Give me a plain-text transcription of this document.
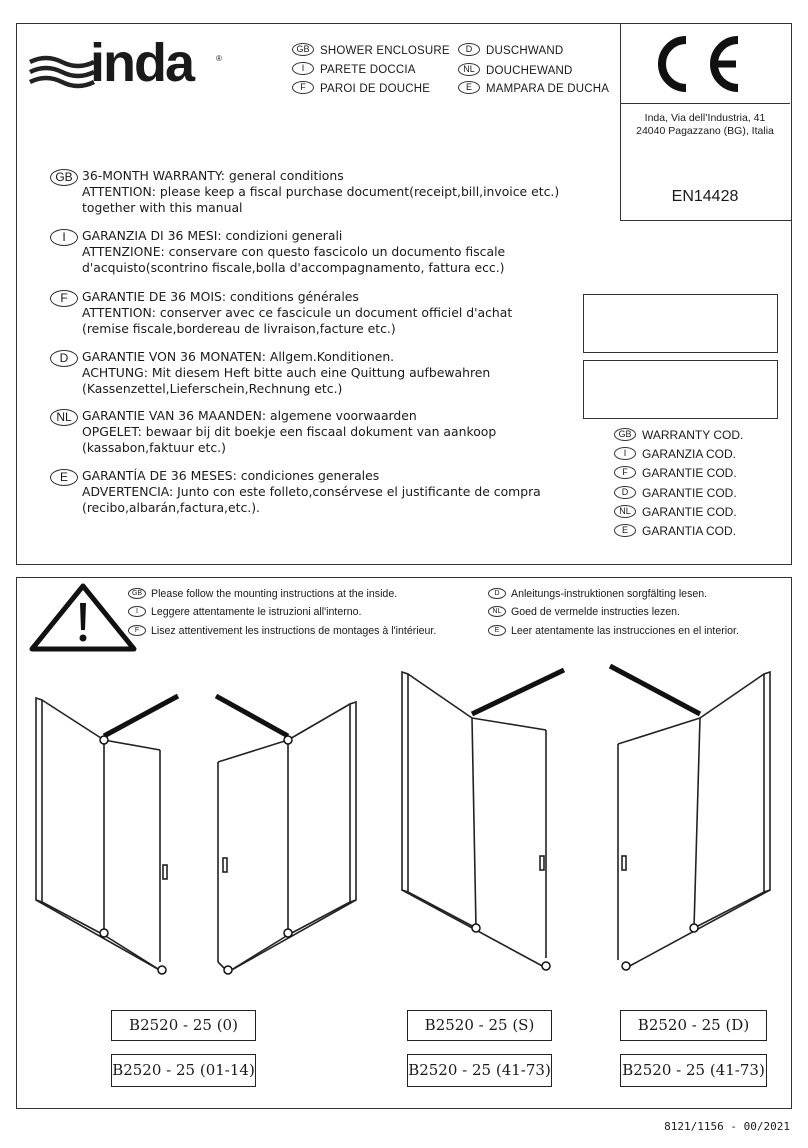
inda	®
GB SHOWER ENCLOSURE
I PARETE DOCCIA
F PAROI DE DOUCHE
D DUSCHWAND
NL DOUCHEWAND
E MAMPARA DE DUCHA
Inda, Via dell’Industria, 41
24040 Pagazzano (BG), Italia
EN14428
GB 36-MONTH WARRANTY: general conditions
ATTENTION: please keep a fiscal purchase document(receipt,bill,invoice etc.) together with this manual
I	GARANZIA DI 36 MESI: condizioni generali
ATTENZIONE: conservare con questo fascicolo un documento fiscale d'acquisto(scontrino fiscale,bolla d'accompagnamento, fattura ecc.)
F	GARANTIE DE 36 MOIS: conditions générales
ATTENTION: conserver avec ce fascicule un document officiel d'achat (remise fiscale,bordereau de livraison,facture etc.)
D	GARANTIE VON 36 MONATEN: Allgem.Konditionen.
ACHTUNG: Mit diesem Heft bitte auch eine Quittung aufbewahren (Kassenzettel,Lieferschein,Rechnung etc.)
NL GARANTIE VAN 36 MAANDEN: algemene voorwaarden
OPGELET: bewaar bij dit boekje een fiscaal dokument van aankoop (kassabon,faktuur etc.)
E	GARANTÍA DE 36 MESES: condiciones generales
ADVERTENCIA: Junto con este folleto,consérvese el justificante de compra (recibo,albarán,factura,etc.).
GB WARRANTY COD.
I GARANZIA COD.
F GARANTIE COD.
D GARANTIE COD.
NL GARANTIE COD.
E GARANTIA COD.
GB Please follow the mounting instructions at the inside.
I Leggere attentamente le istruzioni all'interno.
F Lisez attentivement les instructions de montages à l'intérieur.
D Anleitungs-instruktionen sorgfälting lesen.
NL Goed de vermelde instructies lezen.
E Leer atentamente las instrucciones en el interior.
B2520 - 25 (0)
B2520 - 25 (01-14)
B2520 - 25 (S)
B2520 - 25 (41-73)
B2520 - 25 (D)
B2520 - 25 (41-73)
8121/1156 - 00/2021
